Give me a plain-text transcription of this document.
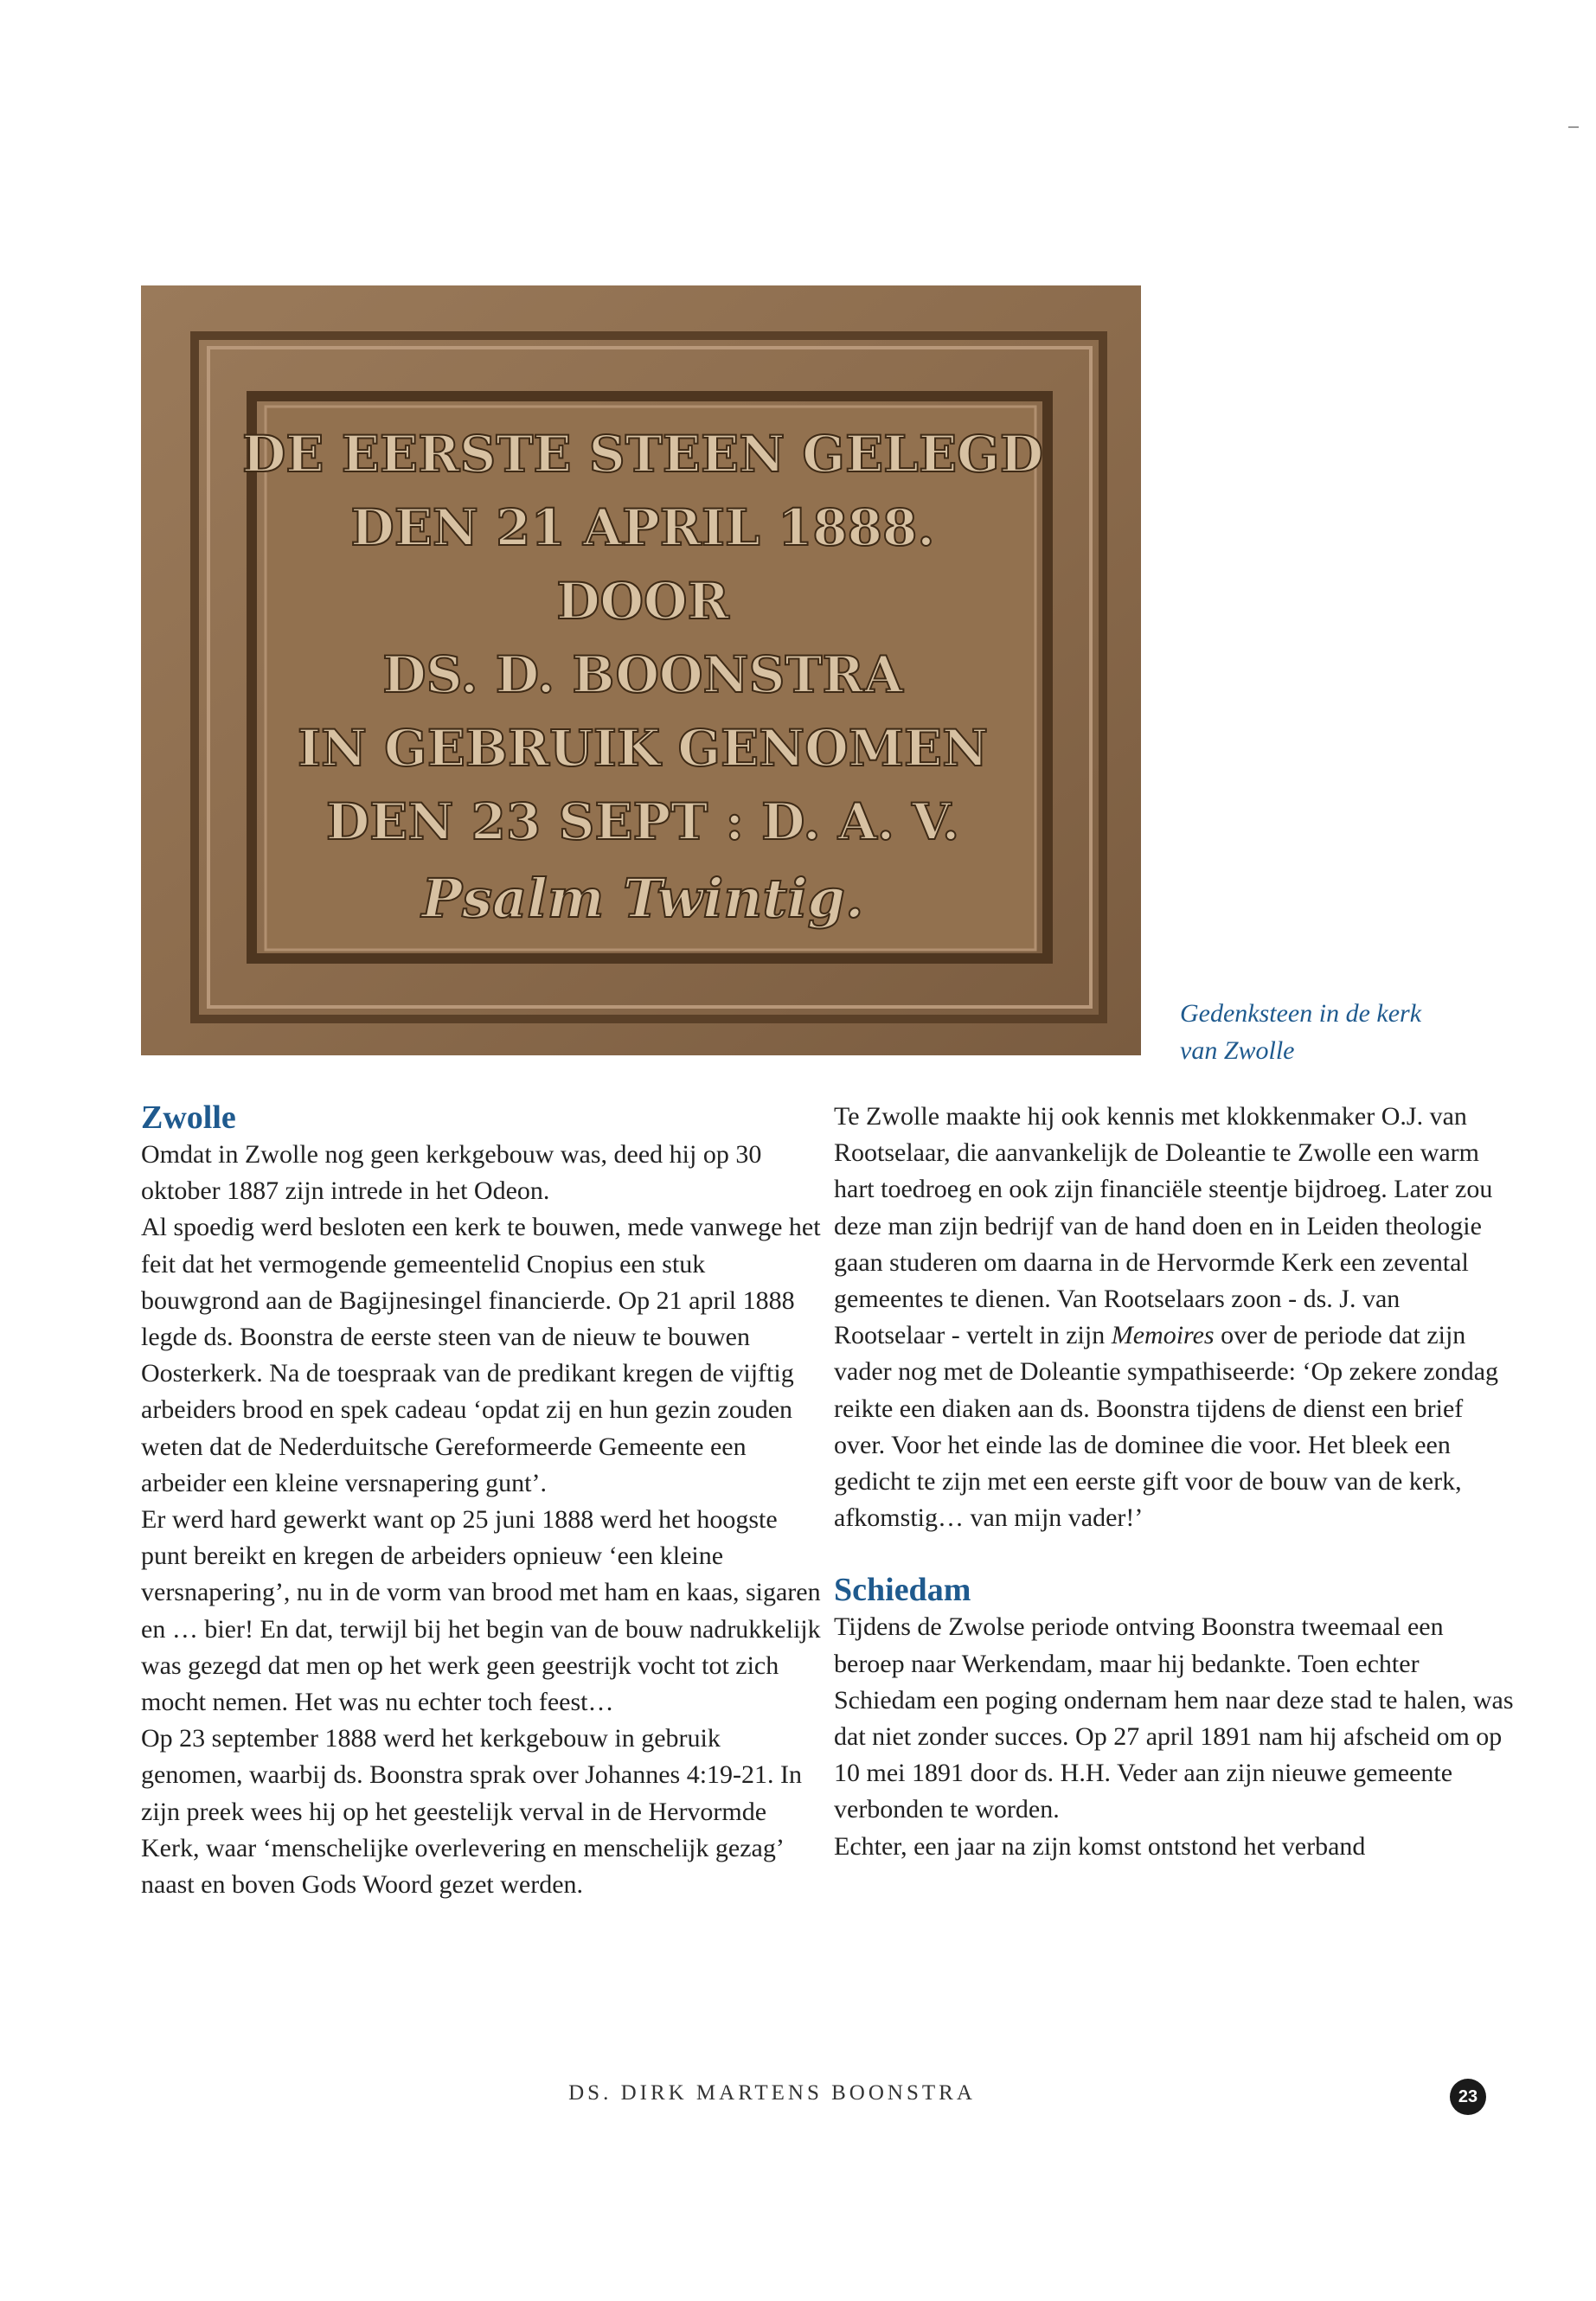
DE EERSTE STEEN GELEGD
DEN 21 APRIL 1888.
DOOR
DS. D. BOONSTRA
IN GEBRUIK GENOMEN
DEN 23 SEPT : D. A. V.
Psalm Twintig.
Gedenksteen in de kerk
van Zwolle
Zwolle

Omdat in Zwolle nog geen kerkgebouw was, deed hij op 30 oktober 1887 zijn intrede in het Odeon.

Al spoedig werd besloten een kerk te bouwen, mede vanwege het feit dat het vermogende gemeentelid Cnopius een stuk bouwgrond aan de Bagijnesingel financierde. Op 21 april 1888 legde ds. Boonstra de eerste steen van de nieuw te bouwen Oosterkerk. Na de toespraak van de predikant kregen de vijftig arbeiders brood en spek cadeau ‘opdat zij en hun gezin zouden weten dat de Nederduitsche Gereformeerde Gemeente een arbeider een kleine versnapering gunt’.

Er werd hard gewerkt want op 25 juni 1888 werd het hoogste punt bereikt en kregen de arbeiders opnieuw ‘een kleine versnapering’, nu in de vorm van brood met ham en kaas, sigaren en … bier! En dat, terwijl bij het begin van de bouw nadrukkelijk was gezegd dat men op het werk geen geestrijk vocht tot zich mocht nemen. Het was nu echter toch feest…

Op 23 september 1888 werd het kerkgebouw in gebruik genomen, waarbij ds. Boonstra sprak over Johannes 4:19-21. In zijn preek wees hij op het geestelijk verval in de Hervormde Kerk, waar ‘menschelijke overlevering en menschelijk gezag’ naast en boven Gods Woord gezet werden.

Te Zwolle maakte hij ook kennis met klokkenmaker O.J. van Rootselaar, die aanvankelijk de Doleantie te Zwolle een warm hart toedroeg en ook zijn financiële steentje bijdroeg. Later zou deze man zijn bedrijf van de hand doen en in Leiden theologie gaan studeren om daarna in de Hervormde Kerk een zevental gemeentes te dienen. Van Rootselaars zoon - ds. J. van Rootselaar - vertelt in zijn Memoires over de periode dat zijn vader nog met de Doleantie sympathiseerde: ‘Op zekere zondag reikte een diaken aan ds. Boonstra tijdens de dienst een brief over. Voor het einde las de dominee die voor. Het bleek een gedicht te zijn met een eerste gift voor de bouw van de kerk, afkomstig… van mijn vader!’

Schiedam

Tijdens de Zwolse periode ontving Boonstra tweemaal een beroep naar Werkendam, maar hij bedankte. Toen echter Schiedam een poging ondernam hem naar deze stad te halen, was dat niet zonder succes. Op 27 april 1891 nam hij afscheid om op 10 mei 1891 door ds. H.H. Veder aan zijn nieuwe gemeente verbonden te worden.

Echter, een jaar na zijn komst ontstond het verband

DS. DIRK MARTENS BOONSTRA	23
